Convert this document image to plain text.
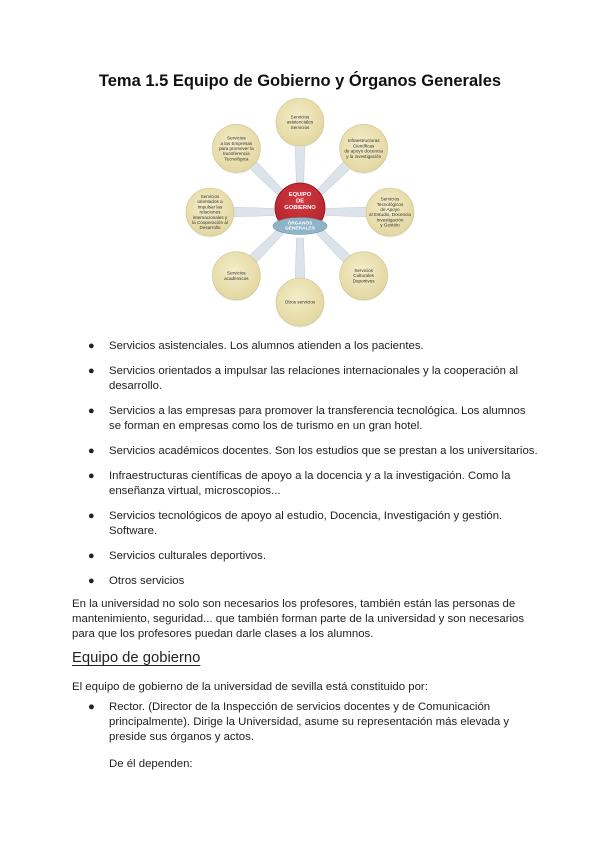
Tema 1.5 Equipo de Gobierno y Órganos Generales
Servicios
asistenciales
Servicios
Infraestructuras
Científicas
de apoyo docencia
y la investigación
Servicios
Tecnológicos
de Apoyo
al Estudio, Docencia
Investigación
y Gestión
Servicios
Culturales
Deportivos
Otros servicios
Servicios
académicos
Servicios
orientados a
impulsar las
relaciones
internacionales y
la Cooperación al
Desarrollo
Servicios
a las Empresas
para promover la
transferencia
Tecnológica
EQUIPO
DE
GOBIERNO
ÓRGANOS
GENERALES
● Servicios asistenciales. Los alumnos atienden a los pacientes.
● Servicios orientados a impulsar las relaciones internacionales y la cooperación al desarrollo.
● Servicios a las empresas para promover la transferencia tecnológica. Los alumnos se forman en empresas como los de turismo en un gran hotel.
● Servicios académicos docentes. Son los estudios que se prestan a los universitarios.
● Infraestructuras científicas de apoyo a la docencia y a la investigación. Como la enseñanza virtual, microscopios...
● Servicios tecnológicos de apoyo al estudio, Docencia, Investigación y gestión. Software.
● Servicios culturales deportivos.
● Otros servicios

En la universidad no solo son necesarios los profesores, también están las personas de mantenimiento, seguridad... que también forman parte de la universidad y son necesarios para que los profesores puedan darle clases a los alumnos.

Equipo de gobierno

El equipo de gobierno de la universidad de sevilla está constituido por:

● Rector. (Director de la Inspección de servicios docentes y de Comunicación principalmente). Dirige la Universidad, asume su representación más elevada y preside sus órganos y actos.

De él dependen:
